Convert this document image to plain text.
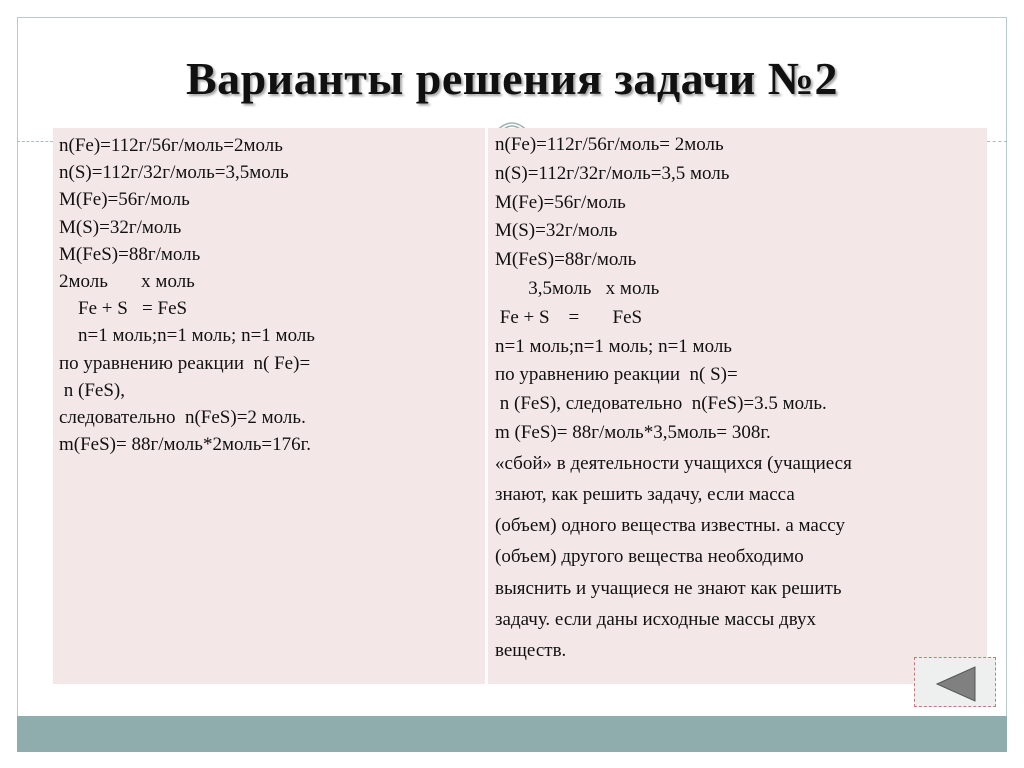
Варианты решения задачи №2
n(Fe)=112г/56г/моль=2моль
n(S)=112г/32г/моль=3,5моль
M(Fe)=56г/моль
M(S)=32г/моль
M(FeS)=88г/моль
2моль       х моль
Fe + S   = FeS
n=1 моль;n=1 моль; n=1 моль
по уравнению реакции  n( Fe)=
n (FeS),
следовательно  n(FeS)=2 моль.
m(FeS)= 88г/моль*2моль=176г.
n(Fe)=112г/56г/моль= 2моль
n(S)=112г/32г/моль=3,5 моль
M(Fe)=56г/моль
M(S)=32г/моль
M(FeS)=88г/моль
3,5моль   х моль
Fe + S    =       FeS
n=1 моль;n=1 моль; n=1 моль
по уравнению реакции  n( S)=
n (FeS), следовательно  n(FeS)=3.5 моль.
m (FeS)= 88г/моль*3,5моль= 308г.
«сбой» в деятельности учащихся (учащиеся
знают, как решить задачу, если масса
(объем) одного вещества известны. а массу
(объем) другого вещества необходимо
выяснить и учащиеся не знают как решить
задачу. если даны исходные массы двух
веществ.
